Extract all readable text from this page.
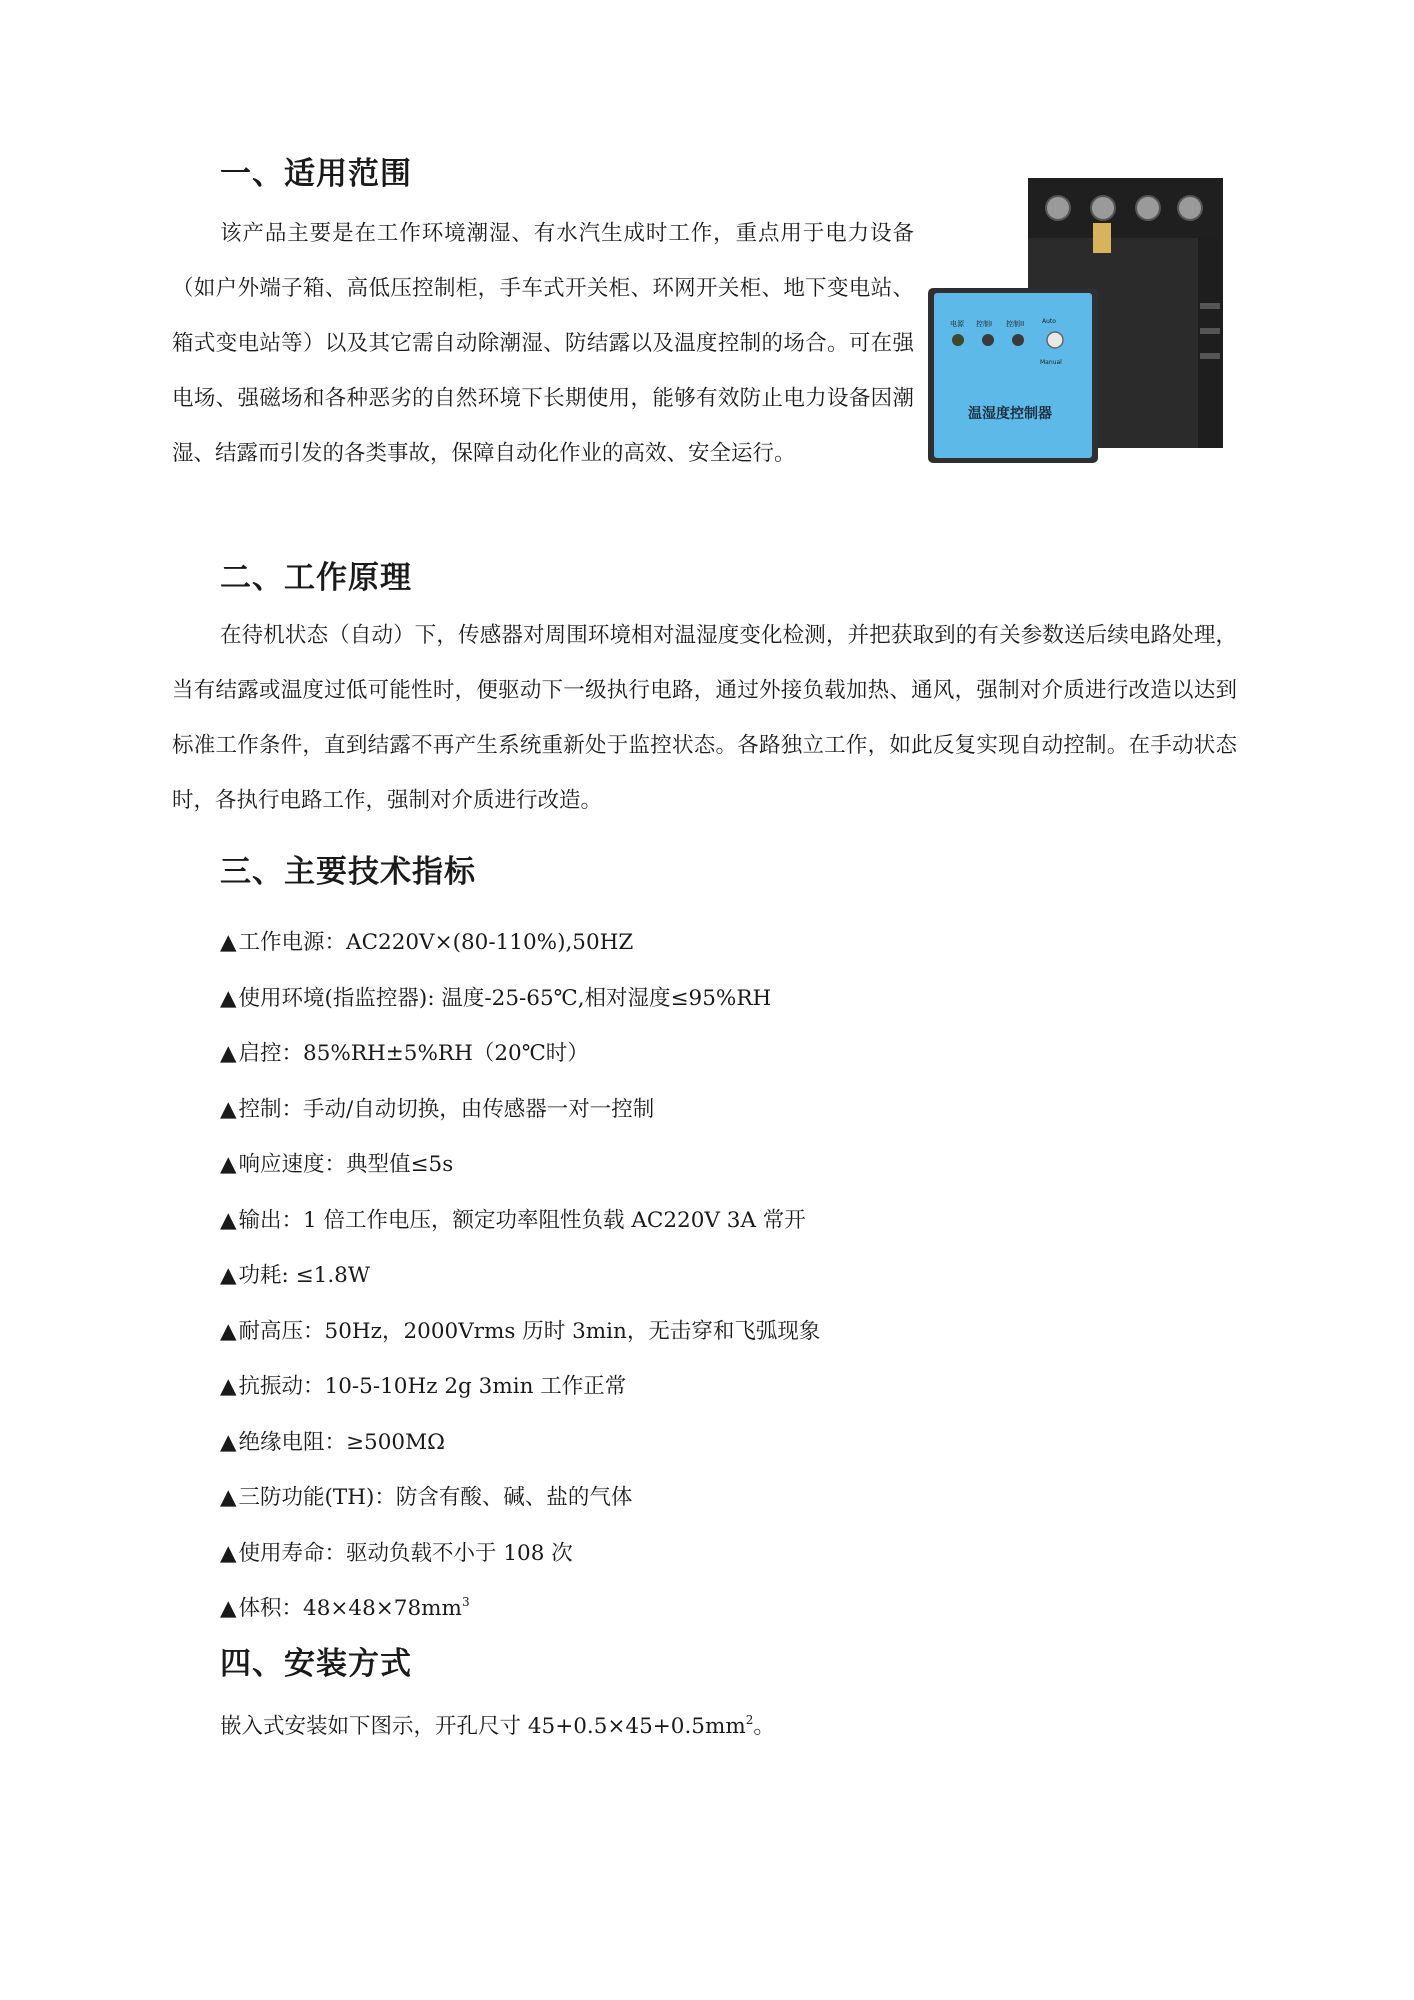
一、适用范围

该产品主要是在工作环境潮湿、有水汽生成时工作，重点用于电力设备（如户外端子箱、高低压控制柜，手车式开关柜、环网开关柜、地下变电站、箱式变电站等）以及其它需自动除潮湿、防结露以及温度控制的场合。可在强电场、强磁场和各种恶劣的自然环境下长期使用，能够有效防止电力设备因潮湿、结露而引发的各类事故，保障自动化作业的高效、安全运行。

电源 控制I 控制II	Auto
Manual
温湿度控制器
二、工作原理

在待机状态（自动）下，传感器对周围环境相对温湿度变化检测，并把获取到的有关参数送后续电路处理，当有结露或温度过低可能性时，便驱动下一级执行电路，通过外接负载加热、通风，强制对介质进行改造以达到标准工作条件，直到结露不再产生系统重新处于监控状态。各路独立工作，如此反复实现自动控制。在手动状态时，各执行电路工作，强制对介质进行改造。

三、主要技术指标
▲工作电源：AC220V×(80-110%),50HZ
▲使用环境(指监控器): 温度-25-65℃,相对湿度≤95%RH
▲启控：85%RH±5%RH（20℃时）
▲控制：手动/自动切换，由传感器一对一控制
▲响应速度：典型值≤5s
▲输出：1 倍工作电压，额定功率阻性负载 AC220V 3A 常开
▲功耗: ≤1.8W
▲耐高压：50Hz，2000Vrms 历时 3min，无击穿和飞弧现象
▲抗振动：10-5-10Hz 2g 3min 工作正常
▲绝缘电阻：≥500MΩ
▲三防功能(TH)：防含有酸、碱、盐的气体
▲使用寿命：驱动负载不小于 108 次
▲体积：$48\times 48\times 78mm^3$
四、安装方式

嵌入式安装如下图示，开孔尺寸 $45+0.5\times 45+0.5mm^2$。
